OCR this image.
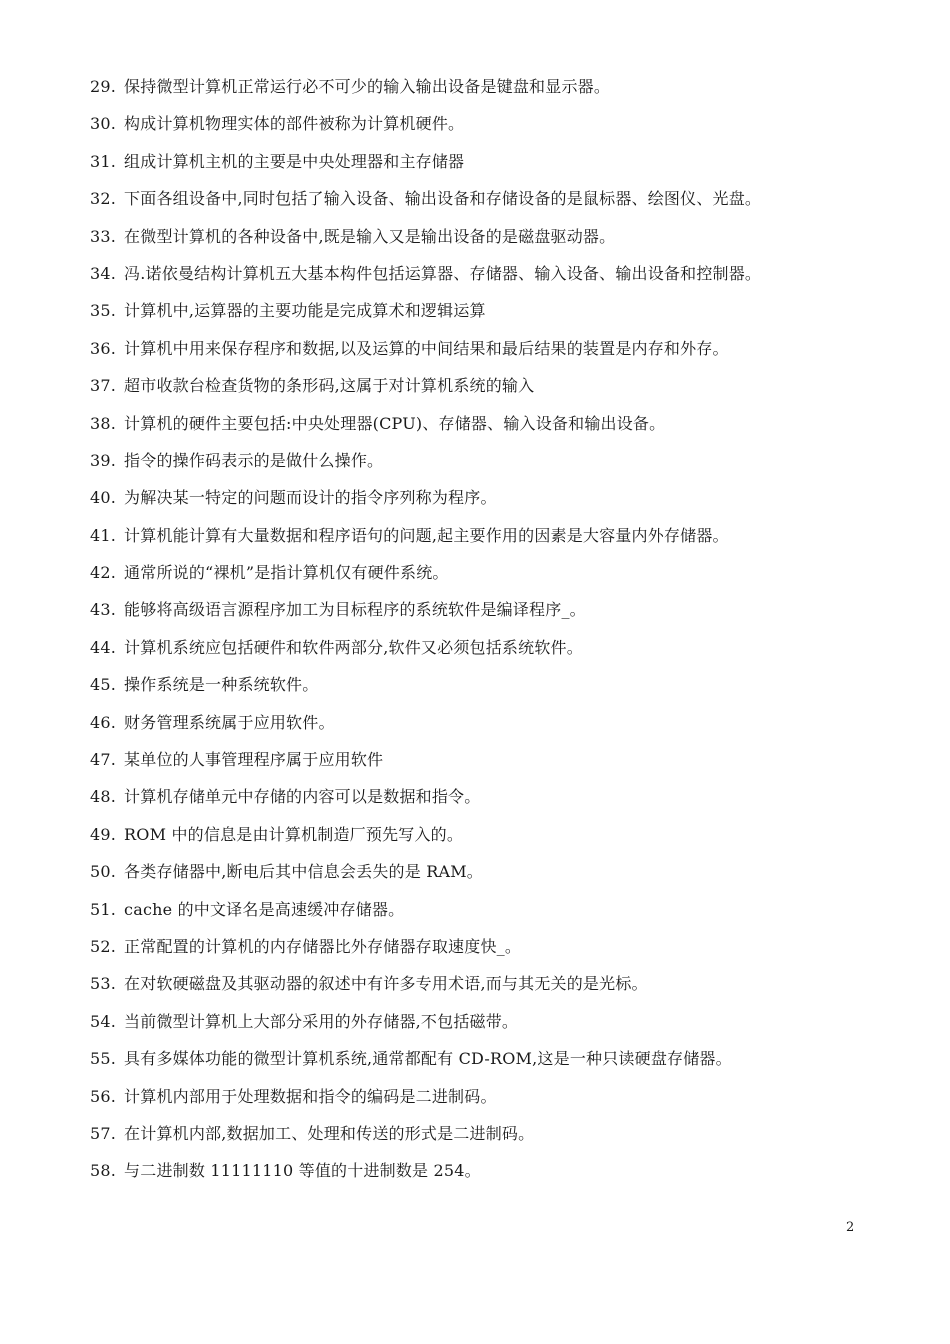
29. 保持微型计算机正常运行必不可少的输入输出设备是键盘和显示器。
30. 构成计算机物理实体的部件被称为计算机硬件。
31. 组成计算机主机的主要是中央处理器和主存储器
32. 下面各组设备中,同时包括了输入设备、输出设备和存储设备的是鼠标器、绘图仪、光盘。
33. 在微型计算机的各种设备中,既是输入又是输出设备的是磁盘驱动器。
34. 冯.诺依曼结构计算机五大基本构件包括运算器、存储器、输入设备、输出设备和控制器。
35. 计算机中,运算器的主要功能是完成算术和逻辑运算
36. 计算机中用来保存程序和数据,以及运算的中间结果和最后结果的装置是内存和外存。
37. 超市收款台检查货物的条形码,这属于对计算机系统的输入
38. 计算机的硬件主要包括:中央处理器(CPU)、存储器、输入设备和输出设备。
39. 指令的操作码表示的是做什么操作。
40. 为解决某一特定的问题而设计的指令序列称为程序。
41. 计算机能计算有大量数据和程序语句的问题,起主要作用的因素是大容量内外存储器。
42. 通常所说的“裸机”是指计算机仅有硬件系统。
43. 能够将高级语言源程序加工为目标程序的系统软件是编译程序_。
44. 计算机系统应包括硬件和软件两部分,软件又必须包括系统软件。
45. 操作系统是一种系统软件。
46. 财务管理系统属于应用软件。
47. 某单位的人事管理程序属于应用软件
48. 计算机存储单元中存储的内容可以是数据和指令。
49. ROM 中的信息是由计算机制造厂预先写入的。
50. 各类存储器中,断电后其中信息会丢失的是 RAM。
51. cache 的中文译名是高速缓冲存储器。
52. 正常配置的计算机的内存储器比外存储器存取速度快_。
53. 在对软硬磁盘及其驱动器的叙述中有许多专用术语,而与其无关的是光标。
54. 当前微型计算机上大部分采用的外存储器,不包括磁带。
55. 具有多媒体功能的微型计算机系统,通常都配有 CD-ROM,这是一种只读硬盘存储器。
56. 计算机内部用于处理数据和指令的编码是二进制码。
57. 在计算机内部,数据加工、处理和传送的形式是二进制码。
58. 与二进制数 11111110 等值的十进制数是 254。
2
